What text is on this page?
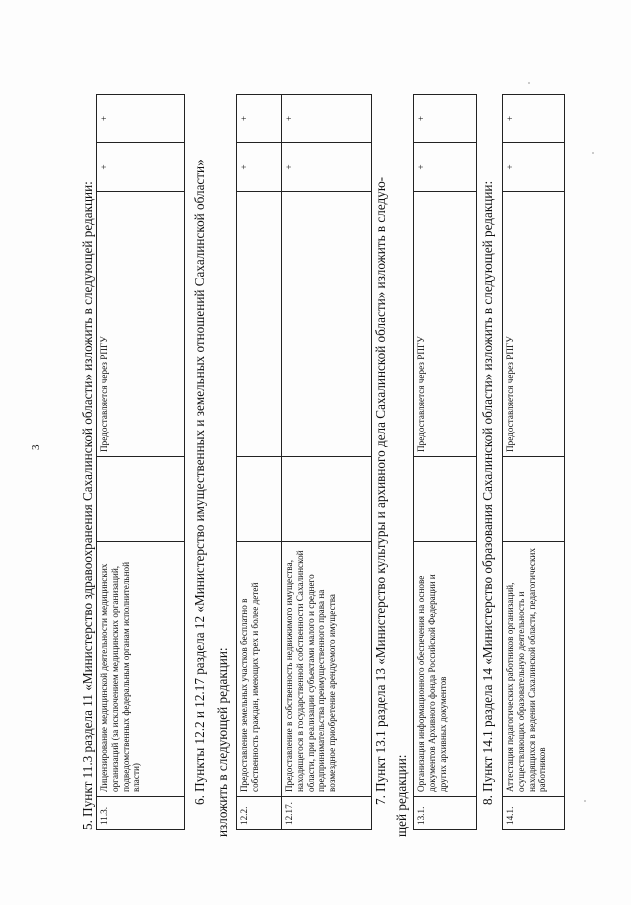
3	5. Пункт 11.3 раздела 11 «Министерство здравоохранения Сахалинской области» изложить в следующей редакции: 11.3.	Лицензирование медицинской деятельности медицинских организаций (за исключением медицинских организаций, подведомственных федеральным органам исполнительной власти)		Предоставляется через РПГУ	+	+
6. Пункты 12.2 и 12.17 раздела 12 «Министерство имущественных и земельных отношений Сахалинской области» изложить в следующей редакции: 12.2.	Предоставление земельных участков бесплатно в собственность граждан, имеющих трех и более детей			+	+
12.17.	Предоставление в собственность недвижимого имущества, находящегося в государственной собственности Сахалинской области, при реализации субъектами малого и среднего предпринимательства преимущественного права на возмездное приобретение арендуемого имущества			+	+
7. Пункт 13.1 раздела 13 «Министерство культуры и архивного дела Сахалинской области» изложить в следую- щей редакции: 13.1.	Организация информационного обеспечения на основе документов Архивного фонда Российской Федерации и других архивных документов		Предоставляется через РПГУ	+	+
8. Пункт 14.1 раздела 14 «Министерство образования Сахалинской области» изложить в следующей редакции:
14.1.	Аттестация педагогических работников организаций, осуществляющих образовательную деятельность и находящихся в ведении Сахалинской области, педагогических работников		Предоставляется через РПГУ	+	+
